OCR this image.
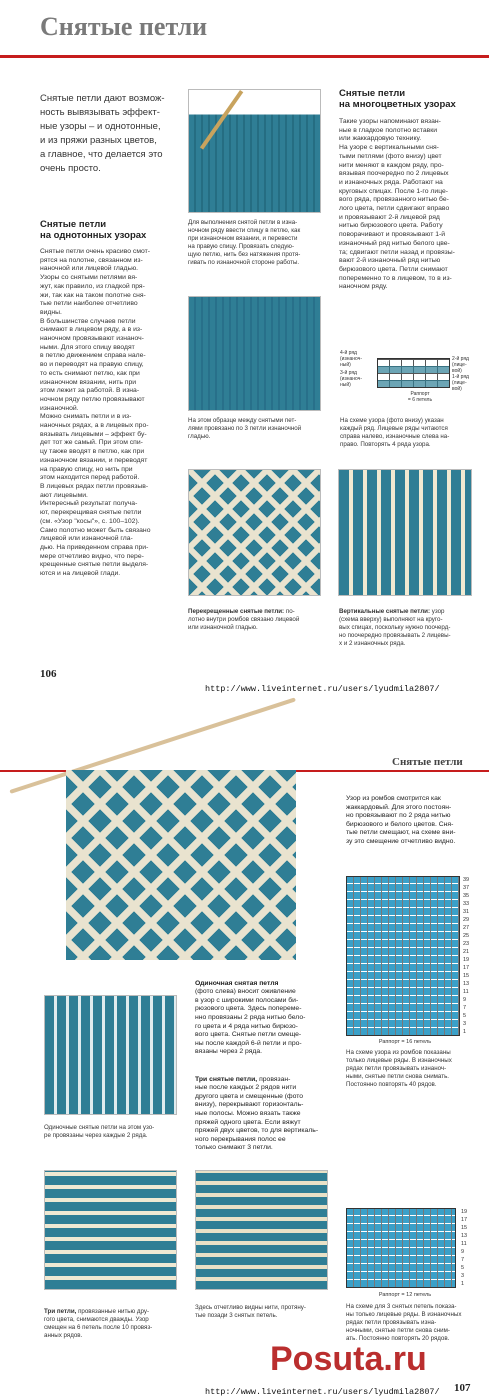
Снятые петли
Снятые петли дают возмож-
ность вывязывать эффект-
ные узоры – и однотонные,
и из пряжи разных цветов,
а главное, что делается это
очень просто.
Снятые петли
на однотонных узорах
Снятые петли очень красиво смот-
рятся на полотне, связанном из-
наночной или лицевой гладью.
Узоры со снятыми петлями вя-
жут, как правило, из гладкой пря-
жи, так как на таком полотне сня-
тые петли наиболее отчетливо
видны.
В большинстве случаев петли
снимают в лицевом ряду, а в из-
наночном провязывают изнаноч-
ными. Для этого спицу вводят
в петлю движением справа нале-
во и переводят на правую спицу,
то есть снимают петлю, как при
изнаночном вязании, нить при
этом лежит за работой. В изна-
ночном ряду петлю провязывают
изнаночной.
Можно снимать петли и в из-
наночных рядах, а в лицевых про-
вязывать лицевыми – эффект бу-
дет тот же самый. При этом спи-
цу также вводят в петлю, как при
изнаночном вязании, и переводят
на правую спицу, но нить при
этом находится перед работой.
В лицевых рядах петли провязыв-
ают лицевыми.
Интересный результат получа-
ют, перекрещивая снятые петли
(см. «Узор "косы"», с. 100–102).
Само полотно может быть связано
лицевой или изнаночной гла-
дью. На приведенном справа при-
мере отчетливо видно, что пере-
крещенные снятые петли выделя-
ются и на лицевой глади.
Для выполнения снятой петли в изна-
ночном ряду ввести спицу в петлю, как
при изнаночном вязании, и перевести
на правую спицу. Провязать следую-
щую петлю, нить без натяжения протя-
гивать по изнаночной стороне работы.
На этом образце между снятыми пет-
лями провязано по 3 петли изнаночной
гладью.
Снятые петли
на многоцветных узорах
Такие узоры напоминают вязан-
ные в гладкое полотно вставки
или жаккардовую технику.
На узоре с вертикальными сня-
тыми петлями (фото внизу) цвет
нити меняют в каждом ряду, про-
вязывая поочередно по 2 лицевых
и изнаночных ряда. Работают на
круговых спицах. После 1-го лице-
вого ряда, провязанного нитью бе-
лого цвета, петли сдвигают вправо
и провязывают 2-й лицевой ряд
нитью бирюзового цвета. Работу
поворачивают и провязывают 1-й
изнаночный ряд нитью белого цве-
та; сдвигают петли назад и провязы-
вают 2-й изнаночный ряд нитью
бирюзового цвета. Петли снимают
попеременно то в лицевом, то в из-
наночном ряду.
4-й ряд
(изнаноч-
ный)
3-й ряд
(изнаноч-
ный)
2-й ряд
(лице-
вой)
1-й ряд
(лице-
вой)
Раппорт
= 6 петель
На схеме узора (фото внизу) указан
каждый ряд. Лицевые ряды читаются
справа налево, изнаночные слева на-
право. Повторять 4 ряда узора.

Перекрещенные снятые петли: по-
лотно внутри ромбов связано лицевой
или изнаночной гладью.

Вертикальные снятые петли: узор
(схема вверху) выполняют на круго-
вых спицах, поскольку нужно поочерд-
но поочередно провязывать 2 лицевы-
х и 2 изнаночных ряда.

106
http://www.liveinternet.ru/users/lyudmila2807/
Снятые петли
Узор из ромбов смотрится как
жаккардовый. Для этого постоян-
но провязывают по 2 ряда нитью
бирюзового и белого цветов. Сня-
тые петли смещают, на схеме вни-
зу это смещение отчетливо видно.
39
37
35
33
31
29
27
25
23
21
19
17
15
13
11
9
7
5
3
1
Раппорт = 16 петель
На схеме узора из ромбов показаны
только лицевые ряды. В изнаночных
рядах петли провязывать изнаноч-
ными, снятые петли снова снимать.
Постоянно повторять 40 рядов.

Одиночная снятая петля
(фото слева) вносит оживление
в узор с широкими полосами би-
рюзового цвета. Здесь попереме-
нно провязаны 2 ряда нитью бело-
го цвета и 4 ряда нитью бирюзо-
вого цвета. Снятые петли смеще-
ны после каждой 6-й петли и про-
вязаны через 2 ряда.

Три снятые петли, провязан-
ные после каждых 2 рядов нити
другого цвета и смещенные (фото
внизу), перекрывают горизонталь-
ные полосы. Можно вязать также
пряжей одного цвета. Если вяжут
пряжей двух цветов, то для вертикаль-
ного перекрывания полос ее
только снимают 3 петли.

Одиночные снятые петли на этом узо-
ре провязаны через каждые 2 ряда.

Три петли, провязанные нитью дру-
гого цвета, снимаются дважды. Узор
смещен на 6 петель после 10 провяз-
анных рядов.

Здесь отчетливо видны нити, протяну-
тые позади 3 снятых петель.
19
17
15
13
11
9
7
5
3
1
Раппорт = 12 петель
На схеме для 3 снятых петель показа-
ны только лицевые ряды. В изнаночных
рядах петли провязывать изна-
ночными, снятые петли снова сним-
ать. Постоянно повторять 20 рядов.
Posuta.ru
107
http://www.liveinternet.ru/users/lyudmila2807/
